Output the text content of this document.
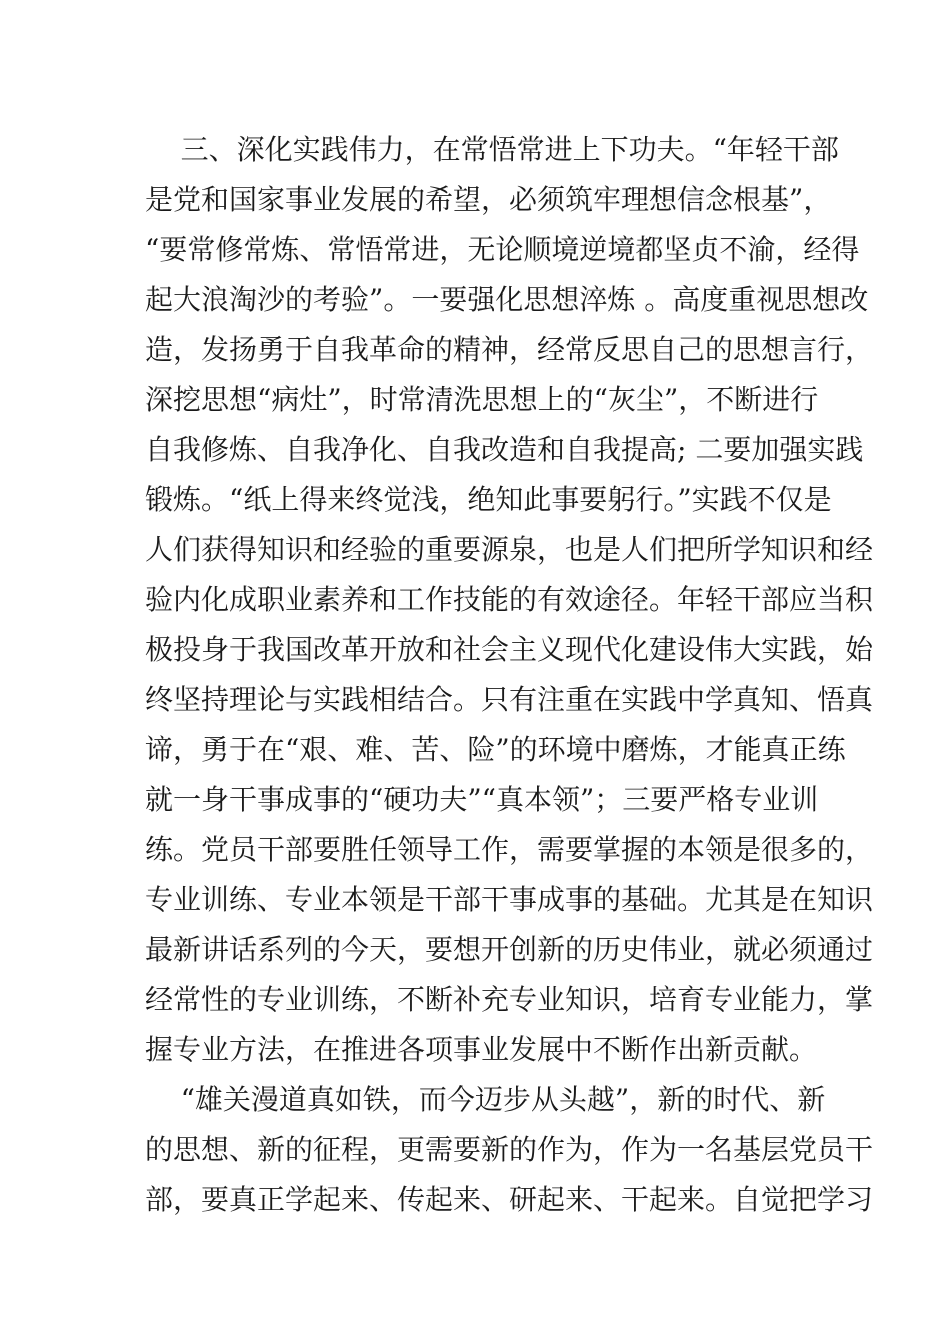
三、深化实践伟力，在常悟常进上下功夫。“年轻干部
是党和国家事业发展的希望，必须筑牢理想信念根基”，
“要常修常炼、常悟常进，无论顺境逆境都坚贞不渝，经得
起大浪淘沙的考验”。一要强化思想淬炼 。高度重视思想改
造，发扬勇于自我革命的精神，经常反思自己的思想言行，
深挖思想“病灶”，时常清洗思想上的“灰尘”，不断进行
自我修炼、自我净化、自我改造和自我提高; 二要加强实践
锻炼。“纸上得来终觉浅，绝知此事要躬行。”实践不仅是
人们获得知识和经验的重要源泉，也是人们把所学知识和经
验内化成职业素养和工作技能的有效途径。年轻干部应当积
极投身于我国改革开放和社会主义现代化建设伟大实践，始
终坚持理论与实践相结合。只有注重在实践中学真知、悟真
谛，勇于在“艰、难、苦、险”的环境中磨炼，才能真正练
就一身干事成事的“硬功夫”“真本领”；三要严格专业训
练。党员干部要胜任领导工作，需要掌握的本领是很多的，
专业训练、专业本领是干部干事成事的基础。尤其是在知识
最新讲话系列的今天，要想开创新的历史伟业，就必须通过
经常性的专业训练，不断补充专业知识，培育专业能力，掌
握专业方法，在推进各项事业发展中不断作出新贡献。
“雄关漫道真如铁，而今迈步从头越”，新的时代、新
的思想、新的征程，更需要新的作为，作为一名基层党员干
部，要真正学起来、传起来、研起来、干起来。自觉把学习
